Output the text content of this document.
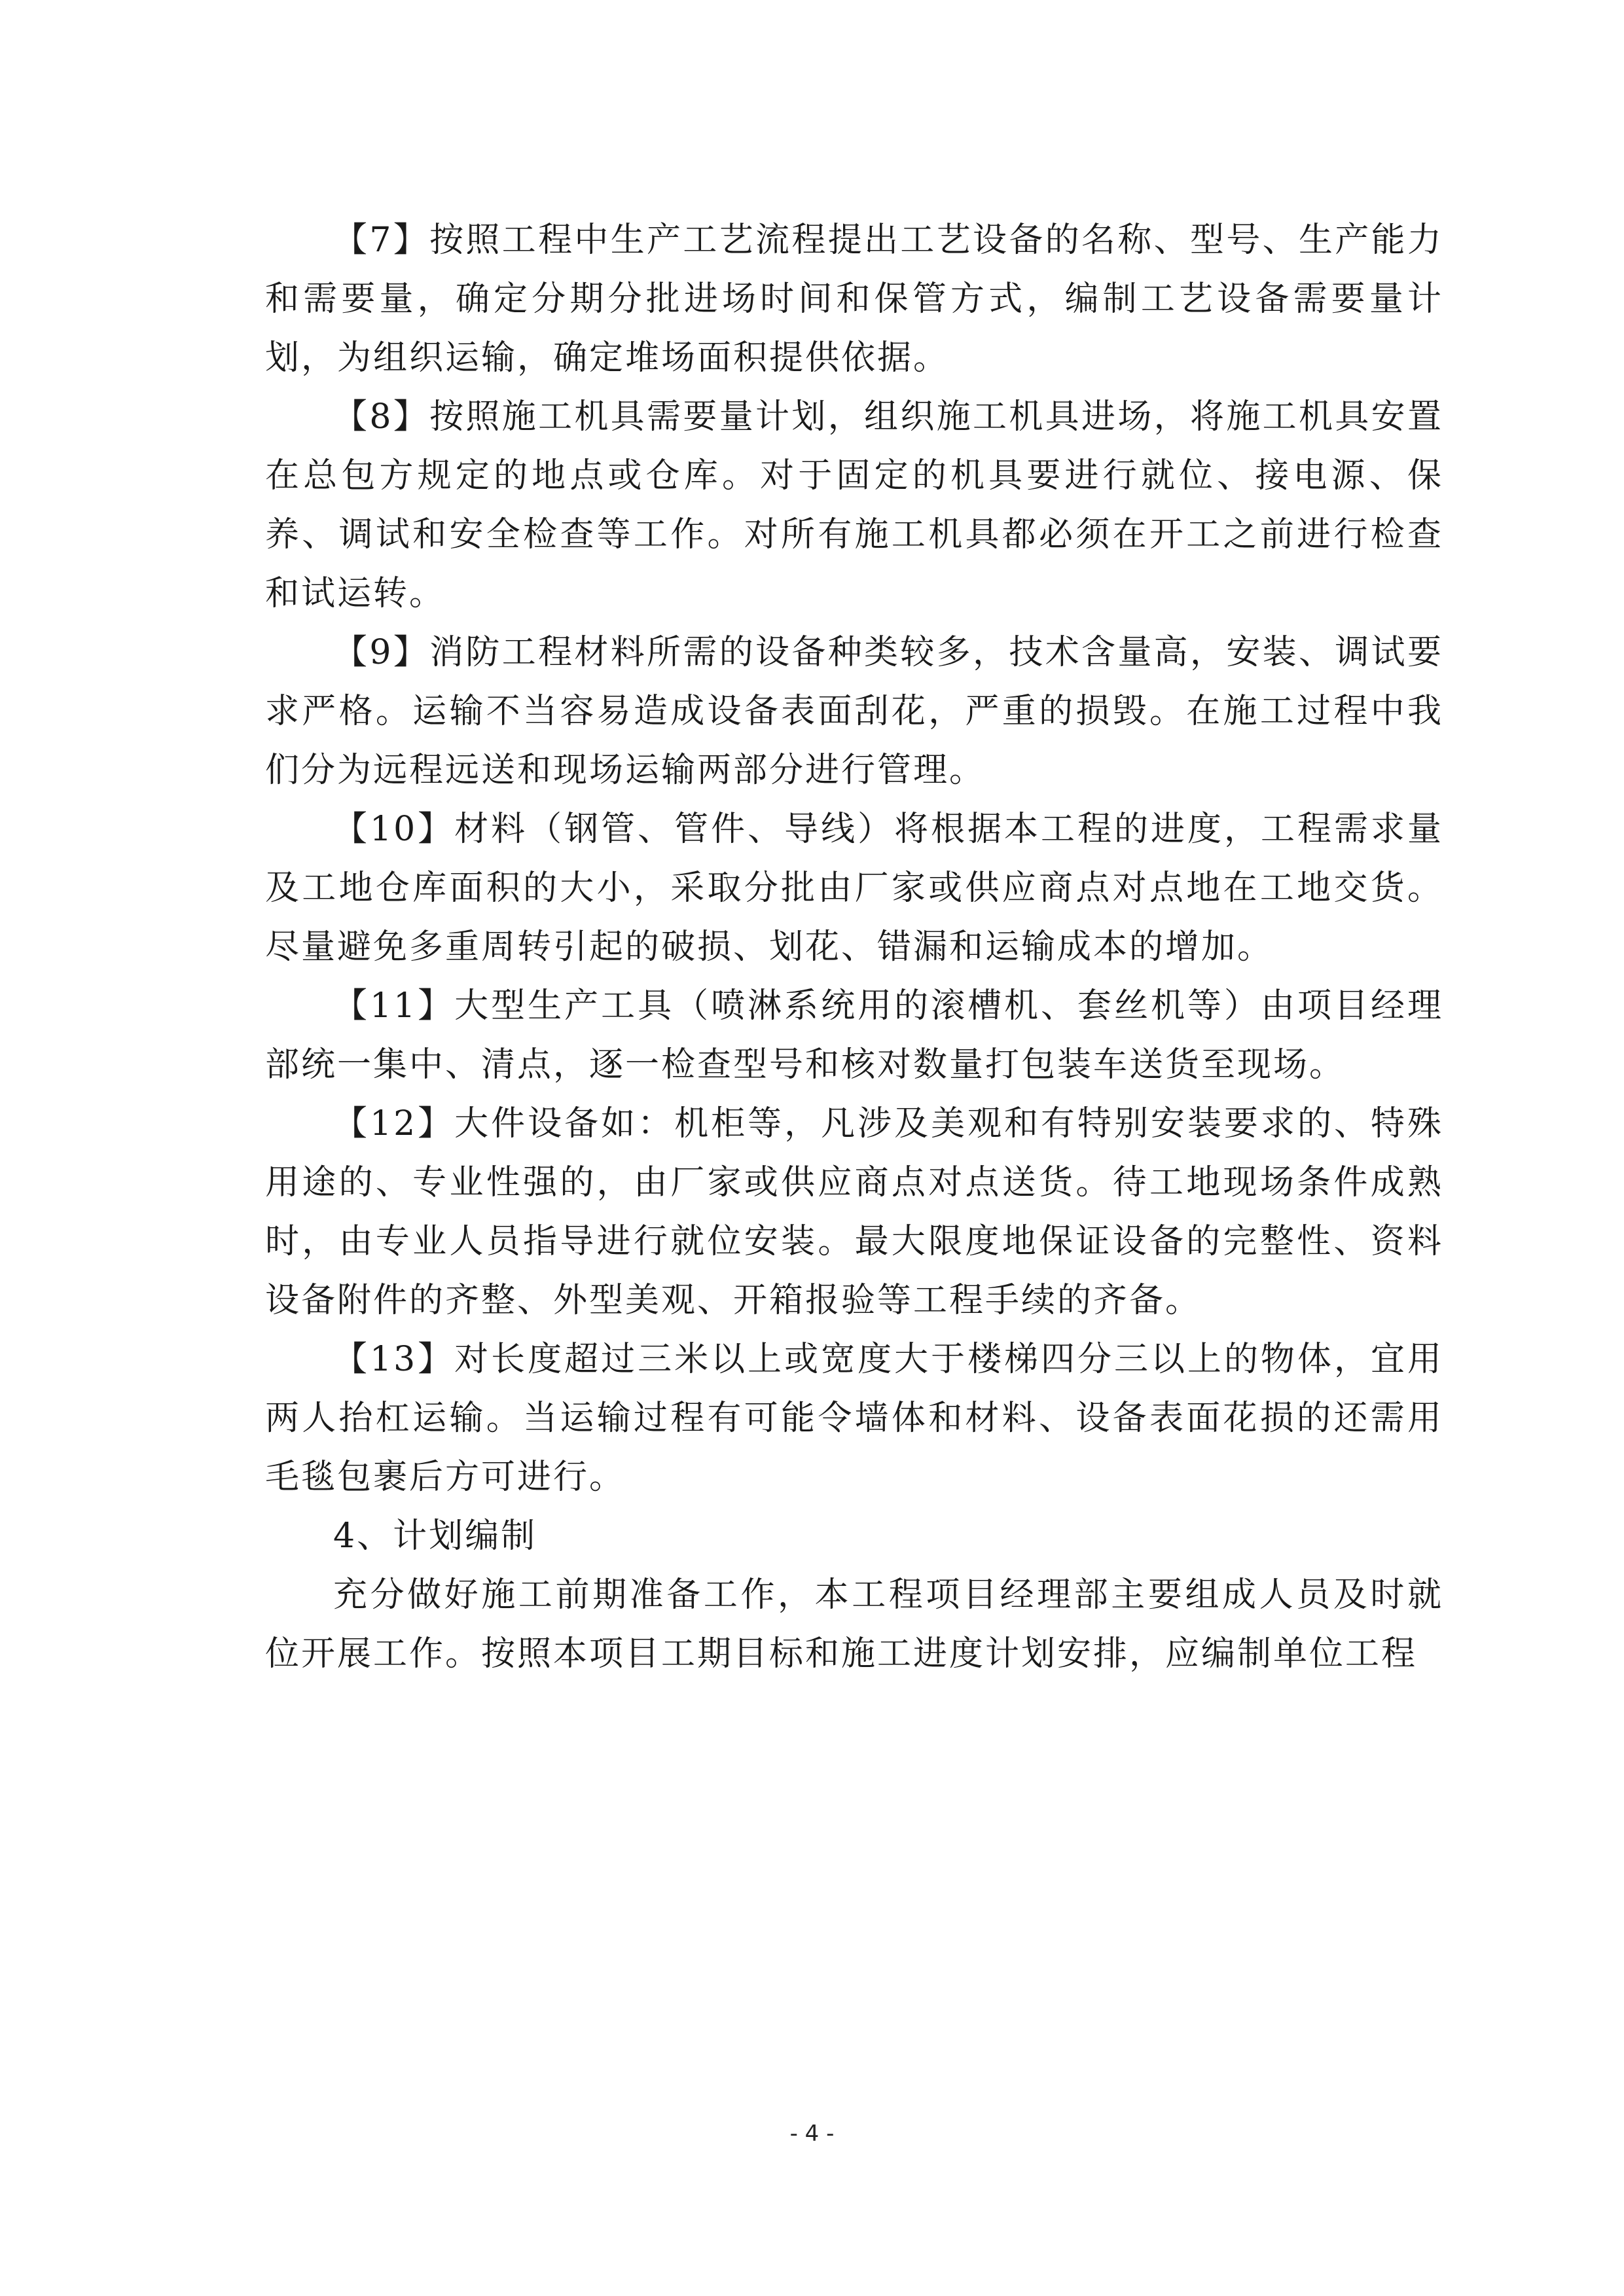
【7】按照工程中生产工艺流程提出工艺设备的名称、型号、生产能力和需要量，确定分期分批进场时间和保管方式，编制工艺设备需要量计划，为组织运输，确定堆场面积提供依据。

【8】按照施工机具需要量计划，组织施工机具进场，将施工机具安置在总包方规定的地点或仓库。对于固定的机具要进行就位、接电源、保养、调试和安全检查等工作。对所有施工机具都必须在开工之前进行检查和试运转。

【9】消防工程材料所需的设备种类较多，技术含量高，安装、调试要求严格。运输不当容易造成设备表面刮花，严重的损毁。在施工过程中我们分为远程远送和现场运输两部分进行管理。

【10】材料（钢管、管件、导线）将根据本工程的进度，工程需求量及工地仓库面积的大小，采取分批由厂家或供应商点对点地在工地交货。尽量避免多重周转引起的破损、划花、错漏和运输成本的增加。

【11】大型生产工具（喷淋系统用的滚槽机、套丝机等）由项目经理部统一集中、清点，逐一检查型号和核对数量打包装车送货至现场。

【12】大件设备如：机柜等，凡涉及美观和有特别安装要求的、特殊用途的、专业性强的，由厂家或供应商点对点送货。待工地现场条件成熟时，由专业人员指导进行就位安装。最大限度地保证设备的完整性、资料设备附件的齐整、外型美观、开箱报验等工程手续的齐备。

【13】对长度超过三米以上或宽度大于楼梯四分三以上的物体，宜用两人抬杠运输。当运输过程有可能令墙体和材料、设备表面花损的还需用毛毯包裹后方可进行。

4、计划编制

充分做好施工前期准备工作，本工程项目经理部主要组成人员及时就位开展工作。按照本项目工期目标和施工进度计划安排，应编制单位工程

- 4 -
